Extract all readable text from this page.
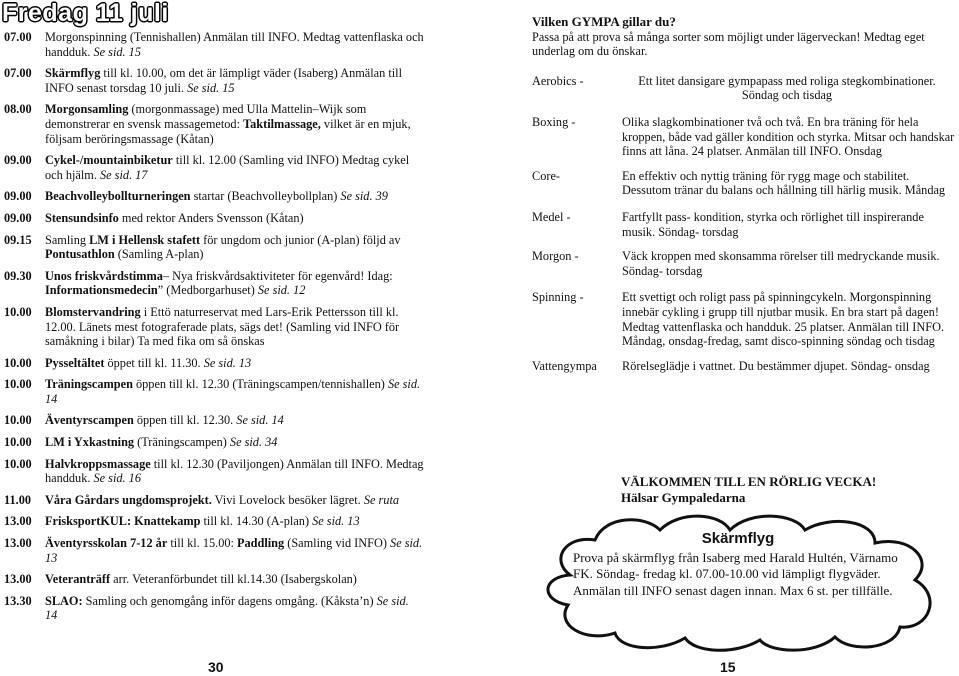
Fredag 11 juli
07.00 Morgonspinning (Tennishallen) Anmälan till INFO. Medtag vattenflaska och handduk. Se sid. 15
07.00 Skärmflyg till kl. 10.00, om det är lämpligt väder (Isaberg) Anmälan till INFO senast torsdag 10 juli. Se sid. 15
08.00 Morgonsamling (morgonmassage) med Ulla Mattelin–Wijk som demonstrerar en svensk massagemetod: Taktilmassage, vilket är en mjuk, följsam beröringsmassage (Kåtan)
09.00 Cykel-/mountainbiketur till kl. 12.00 (Samling vid INFO) Medtag cykel och hjälm. Se sid. 17
09.00 Beachvolleybollturneringen startar (Beachvolleybollplan) Se sid. 39
09.00 Stensundsinfo med rektor Anders Svensson (Kåtan)
09.15 Samling LM i Hellensk stafett för ungdom och junior (A-plan) följd av Pontusathlon (Samling A-plan)
09.30 Unos friskvårdstimma– Nya friskvårdsaktiviteter för egenvård! Idag: Informationsmedecin” (Medborgarhuset) Se sid. 12
10.00 Blomstervandring i Ettö naturreservat med Lars-Erik Pettersson till kl. 12.00. Länets mest fotograferade plats, sägs det! (Samling vid INFO för samåkning i bilar) Ta med fika om så önskas
10.00 Pysseltältet öppet till kl. 11.30. Se sid. 13
10.00 Träningscampen öppen till kl. 12.30 (Träningscampen/tennishallen) Se sid. 14
10.00 Äventyrscampen öppen till kl. 12.30. Se sid. 14
10.00 LM i Yxkastning (Träningscampen) Se sid. 34
10.00 Halvkroppsmassage till kl. 12.30 (Paviljongen) Anmälan till INFO. Medtag handduk. Se sid. 16
11.00 Våra Gårdars ungdomsprojekt. Vivi Lovelock besöker lägret. Se ruta
13.00 FrisksportKUL: Knattekamp till kl. 14.30 (A-plan) Se sid. 13
13.00 Äventyrsskolan 7-12 år till kl. 15.00: Paddling (Samling vid INFO) Se sid. 13
13.00 Veteranträff arr. Veteranförbundet till kl.14.30 (Isabergskolan)
13.30 SLAO: Samling och genomgång inför dagens omgång. (Kåksta’n) Se sid. 14
30	15
Vilken GYMPA gillar du?
Passa på att prova så många sorter som möjligt under lägerveckan! Medtag eget underlag om du önskar.
Aerobics -	Ett litet dansigare gympapass med roliga stegkombinationer. Söndag och tisdag
Boxing -	Olika slagkombinationer två och två. En bra träning för hela kroppen, både vad gäller kondition och styrka. Mitsar och handskar finns att låna. 24 platser. Anmälan till INFO. Onsdag
Core-	En effektiv och nyttig träning för rygg mage och stabilitet. Dessutom tränar du balans och hållning till härlig musik. Måndag
Medel -	Fartfyllt pass- kondition, styrka och rörlighet till inspirerande musik. Söndag- torsdag
Morgon -	Väck kroppen med skonsamma rörelser till medryckande musik. Söndag- torsdag
Spinning -	Ett svettigt och roligt pass på spinningcykeln. Morgonspinning innebär cykling i grupp till njutbar musik. En bra start på dagen! Medtag vattenflaska och handduk. 25 platser. Anmälan till INFO. Måndag, onsdag-fredag, samt disco-spinning söndag och tisdag
Vattengympa Rörelseglädje i vattnet. Du bestämmer djupet. Söndag- onsdag
VÄLKOMMEN TILL EN RÖRLIG VECKA!
Hälsar Gympaledarna
Skärmflyg
Prova på skärmflyg från Isaberg med Harald Hultén, Värnamo FK. Söndag- fredag kl. 07.00-10.00 vid lämpligt flygväder. Anmälan till INFO senast dagen innan. Max 6 st. per tillfälle.
